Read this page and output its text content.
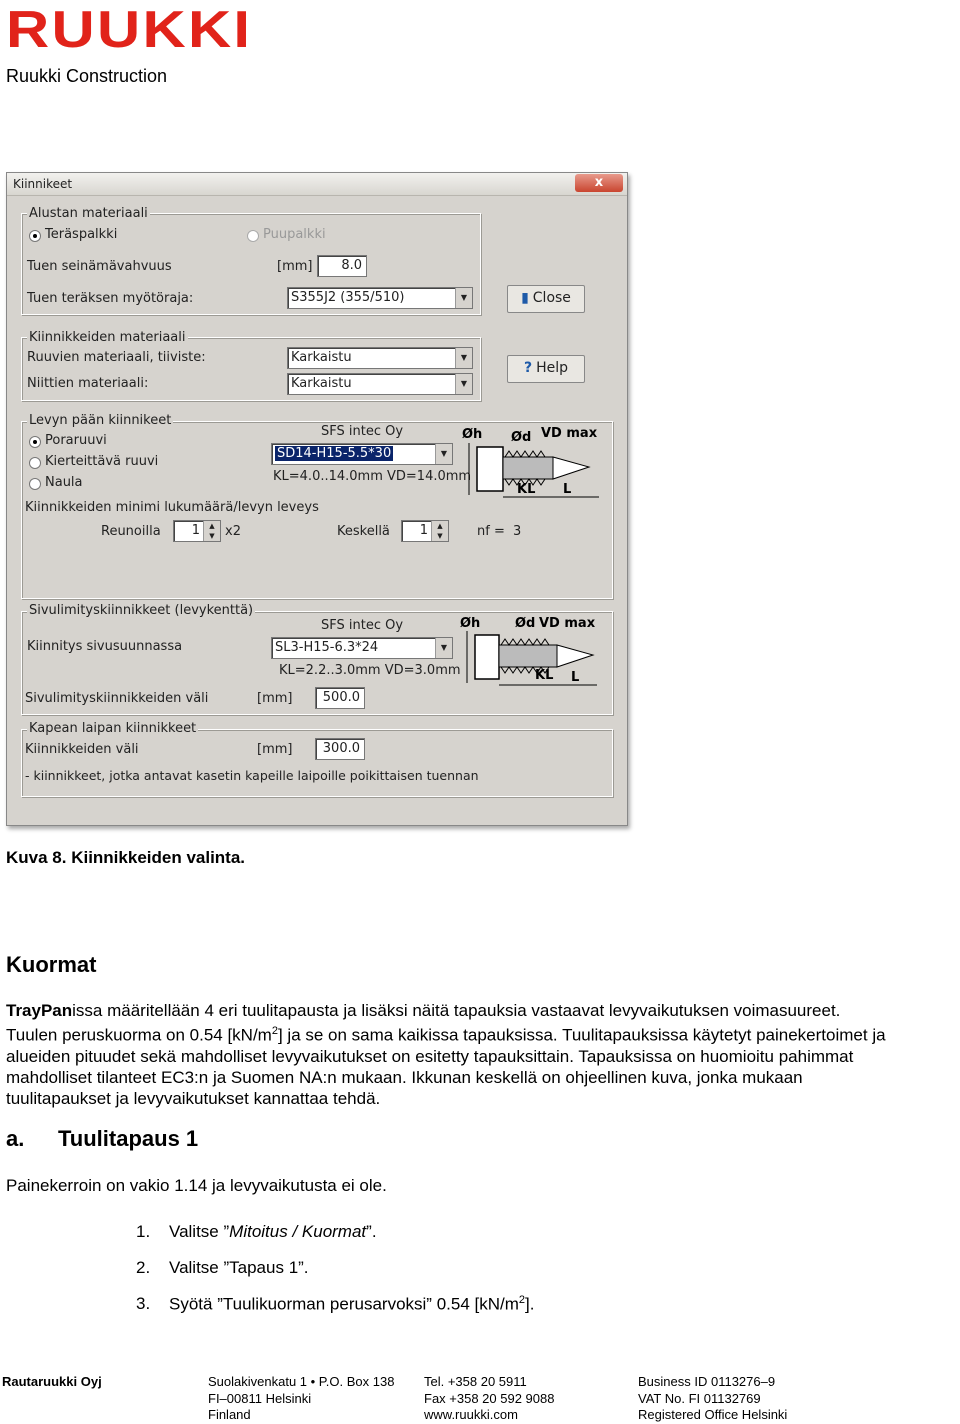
RUUKKI
Ruukki Construction
Kiinnikeet	x
Alustan materiaali
Teräspalkki	Puupalkki
Tuen seinämävahvuus	[mm]	8.0
Tuen teräksen myötöraja:	S355J2 (355/510)	▼	▮ Close
? Help
Kiinnikkeiden materiaali
Ruuvien materiaali, tiiviste:	Karkaistu	▼
Niittien materiaali:	Karkaistu	▼
Levyn pään kiinnikeet
Poraruuvi
Kierteittävä ruuvi
Naula
SFS intec Oy
SD14-H15-5.5*30	▼
KL=4.0..14.0mm VD=14.0mm
Øh Ød VD max
KL L
Kiinnikkeiden minimi lukumäärä/levyn leveys
Reunoilla	1	▲
▼ x2	Keskellä	1	▲
▼	nf = 3
Sivulimityskiinnikkeet (levykenttä)
SFS intec Oy
Kiinnitys sivusuunnassa	SL3-H15-6.3*24	▼
KL=2.2..3.0mm VD=3.0mm
Øh	Ød VD max
KL L
Sivulimityskiinnikkeiden väli	[mm]	500.0
Kapean laipan kiinnikkeet
Kiinnikkeiden väli	[mm]	300.0
- kiinnikkeet, jotka antavat kasetin kapeille laipoille poikittaisen tuennan
Kuva 8. Kiinnikkeiden valinta.
Kuormat
TrayPanissa määritellään 4 eri tuulitapausta ja lisäksi näitä tapauksia vastaavat levyvaikutuksen voimasuureet.
Tuulen peruskuorma on 0.54 $[kN/m^2]$ ja se on sama kaikissa tapauksissa. Tuulitapauksissa käytetyt painekertoimet ja
alueiden pituudet sekä mahdolliset levyvaikutukset on esitetty tapauksittain. Tapauksissa on huomioitu pahimmat
mahdolliset tilanteet EC3:n ja Suomen NA:n mukaan. Ikkunan keskellä on ohjeellinen kuva, jonka mukaan
tuulitapaukset ja levyvaikutukset kannattaa tehdä.
a. Tuulitapaus 1
Painekerroin on vakio 1.14 ja levyvaikutusta ei ole.
1. Valitse ”Mitoitus / Kuormat”.
2. Valitse ”Tapaus 1”.
3. Syötä ”Tuulikuorman perusarvoksi” 0.54 $[kN/m^2]$.
Rautaruukki Oyj	Suolakivenkatu 1 • P.O. Box 138
FI–00811 Helsinki
Finland
Tel. +358 20 5911
Fax +358 20 592 9088
www.ruukki.com
Business ID 0113276–9
VAT No. FI 01132769
Registered Office Helsinki
